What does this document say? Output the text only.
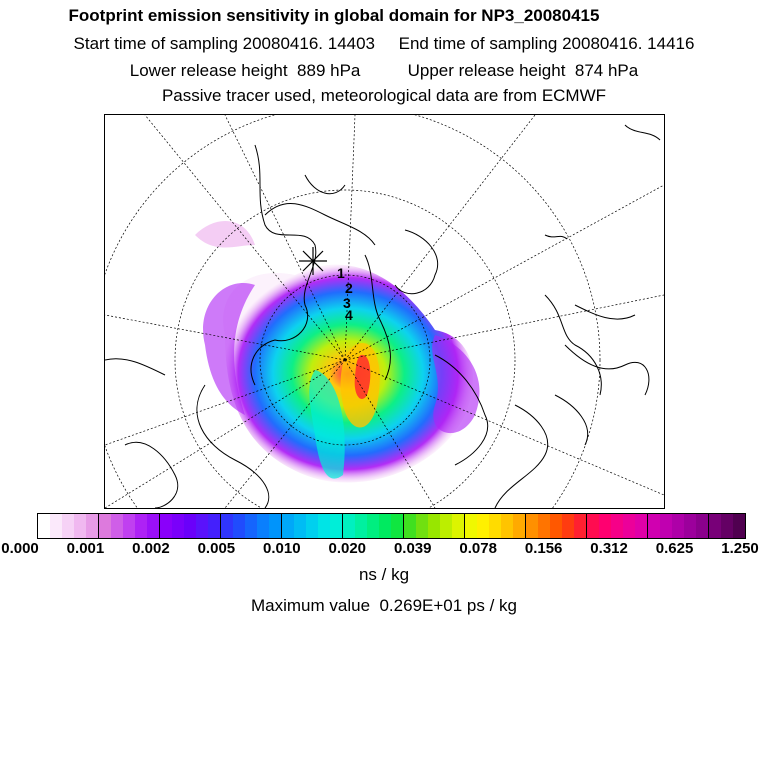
Footprint emission sensitivity in global domain for NP3_20080415
Start time of sampling 20080416. 14403     End time of sampling 20080416. 14416
Lower release height  889 hPa          Upper release height  874 hPa
Passive tracer used, meteorological data are from ECMWF
1
2
3
4
0.000 0.001 0.002 0.005 0.010 0.020 0.039 0.078 0.156 0.312 0.625 1.250
ns / kg
Maximum value  0.269E+01 ps / kg
